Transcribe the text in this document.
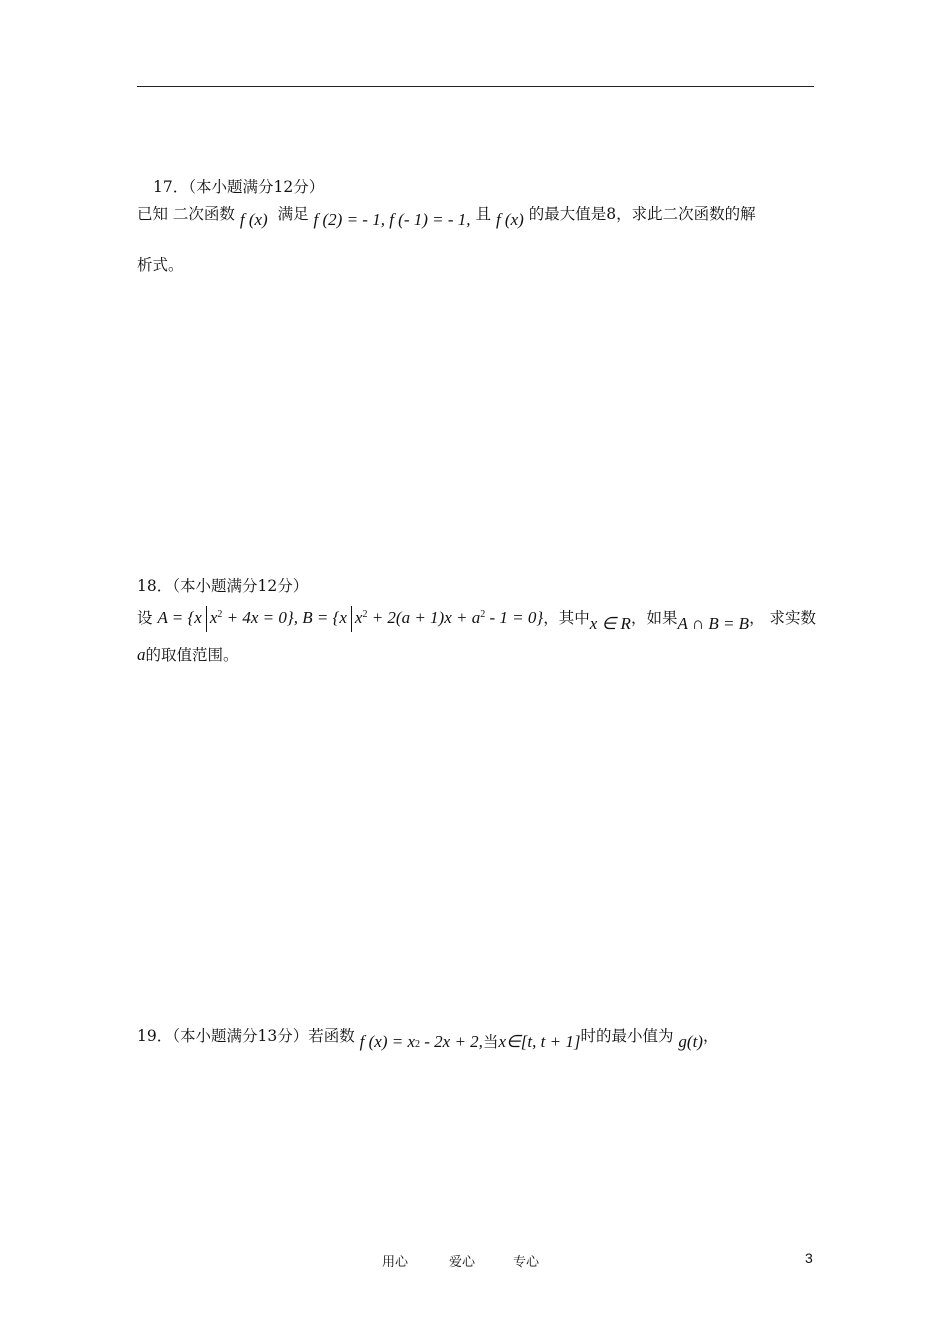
17．（本小题满分12分）
已知 二次函数 f (x) 满足 f (2) = - 1, f (- 1) = - 1, 且 f (x) 的最大值是8，求此二次函数的解
析式。
18．（本小题满分12分）
设 A = {x $x^2 + 4x = 0$}, B = {x $x^2 + 2(a + 1)x + a^2 - 1 = 0$}，其中x ∈ R，如果A ∩ B = B， 求实数
a的取值范围。
19．（本小题满分13分）若函数 f $(x) = x_2 - 2x + 2$,当x∈[t, t + 1]时的最小值为 g(t)，
用心	爱心	专心	3
